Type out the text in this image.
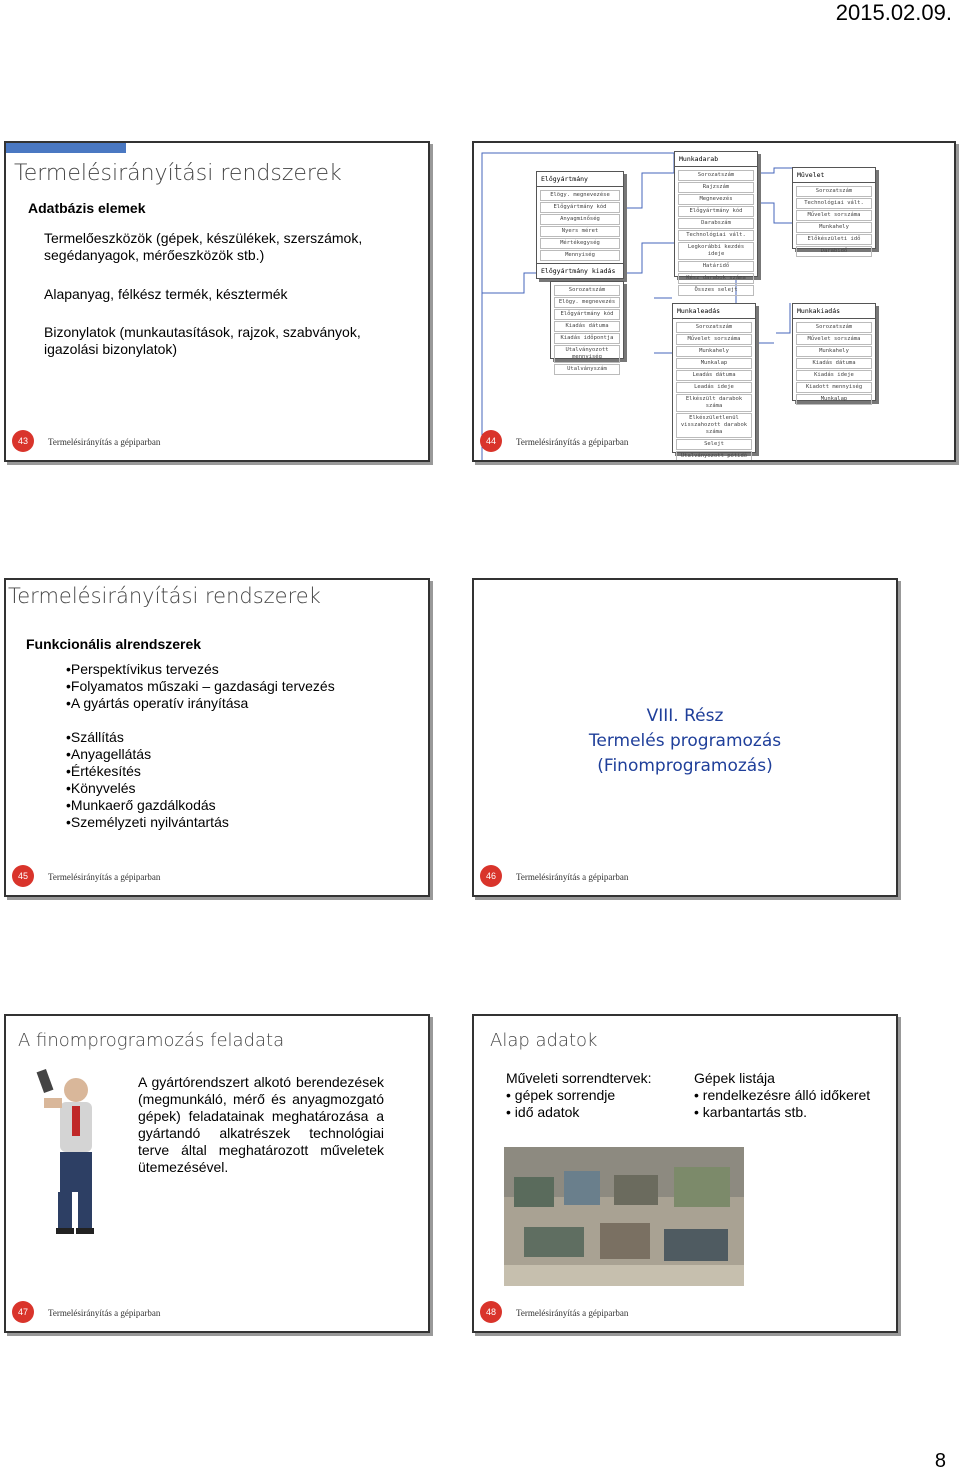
2015.02.09.
Termelésirányítási rendszerek
Adatbázis elemek
Termelőeszközök (gépek, készülékek, szerszámok, segédanyagok, mérőeszközök stb.)
Alapanyag, félkész termék, késztermék
Bizonylatok (munkautasítások, rajzok, szabványok, igazolási bizonylatok)
43	Termelésirányítás a gépiparban
Előgyártmány
Elögy. megnevezése
Előgyártmány kód
Anyagminőség
Nyers méret
Mértékegység
Mennyiség
Előgyártmány kiadás
Sorozatszám
Elögy. megnevezés
Előgyártmány kód
Kiadás dátuma
Kiadás időpontja
Utalványozott mennyiség
Utalványszám
Munkadarab
Sorozatszám
Rajzszám
Megnevezés
Előgyártmány kód
Darabszám
Technológiai vált.
Legkorábbi kezdés ideje
Határidő
Kész darabok száma
Összes selejt
Művelet
Sorozatszám
Technológiai vált.
Művelet sorszáma
Munkahely
Előkészületi idő
Darabidő
Munkaleadás
Sorozatszám
Művelet sorszáma
Munkahely
Munkalap
Leadás dátuma
Leadás ideje
Elkészült darabok száma
Elkészületlenül visszahozott darabok száma
Selejt
Utalványozott pótidő
Munkakiadás
Sorozatszám
Művelet sorszáma
Munkahely
Kiadás dátuma
Kiadás ideje
Kiadott mennyiség
Munkalap
44	Termelésirányítás a gépiparban
Termelésirányítási rendszerek
Funkcionális alrendszerek
• Perspektívikus tervezés
• Folyamatos műszaki – gazdasági tervezés
• A gyártás operatív irányítása
• Szállítás
• Anyagellátás
• Értékesítés
• Könyvelés
• Munkaerő gazdálkodás
• Személyzeti nyilvántartás
45	Termelésirányítás a gépiparban
VIII. Rész
Termelés programozás
(Finomprogramozás)
46	Termelésirányítás a gépiparban
A finomprogramozás feladata
A gyártórendszert alkotó berendezések (megmunkáló, mérő és anyagmozgató gépek) feladatainak meghatározása a gyártandó alkatrészek technológiai terve által meghatározott műveletek ütemezésével.
47	Termelésirányítás a gépiparban
Alap adatok
Műveleti sorrendtervek:
• gépek sorrendje
• idő adatok
Gépek listája
• rendelkezésre álló időkeret
• karbantartás stb.
48	Termelésirányítás a gépiparban
8
